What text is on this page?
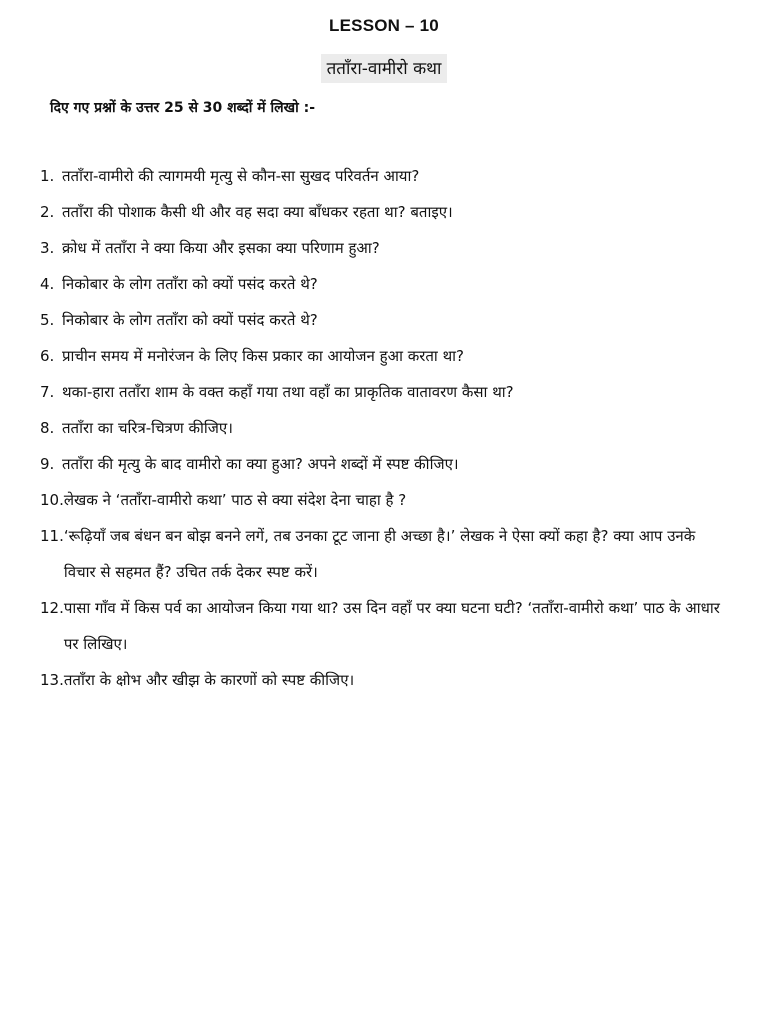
LESSON – 10
तताँरा-वामीरो कथा
दिए गए प्रश्नों के उत्तर 25 से 30 शब्दों में लिखो :-
1. तताँरा-वामीरो की त्यागमयी मृत्यु से कौन-सा सुखद परिवर्तन आया?
2. तताँरा की पोशाक कैसी थी और वह सदा क्या बाँधकर रहता था? बताइए।
3. क्रोध में तताँरा ने क्या किया और इसका क्या परिणाम हुआ?
4. निकोबार के लोग तताँरा को क्यों पसंद करते थे?
5. निकोबार के लोग तताँरा को क्यों पसंद करते थे?
6. प्राचीन समय में मनोरंजन के लिए किस प्रकार का आयोजन हुआ करता था?
7. थका-हारा तताँरा शाम के वक्त कहाँ गया तथा वहाँ का प्राकृतिक वातावरण कैसा था?
8. तताँरा का चरित्र-चित्रण कीजिए।
9. तताँरा की मृत्यु के बाद वामीरो का क्या हुआ? अपने शब्दों में स्पष्ट कीजिए।
10. लेखक ने ‘तताँरा-वामीरो कथा’ पाठ से क्या संदेश देना चाहा है ?
11. ‘रूढ़ियाँ जब बंधन बन बोझ बनने लगें, तब उनका टूट जाना ही अच्छा है।’ लेखक ने ऐसा क्यों कहा है? क्या आप उनके विचार से सहमत हैं? उचित तर्क देकर स्पष्ट करें।
12. पासा गाँव में किस पर्व का आयोजन किया गया था? उस दिन वहाँ पर क्या घटना घटी? ‘तताँरा-वामीरो कथा’ पाठ के आधार पर लिखिए।
13. तताँरा के क्षोभ और खीझ के कारणों को स्पष्ट कीजिए।
